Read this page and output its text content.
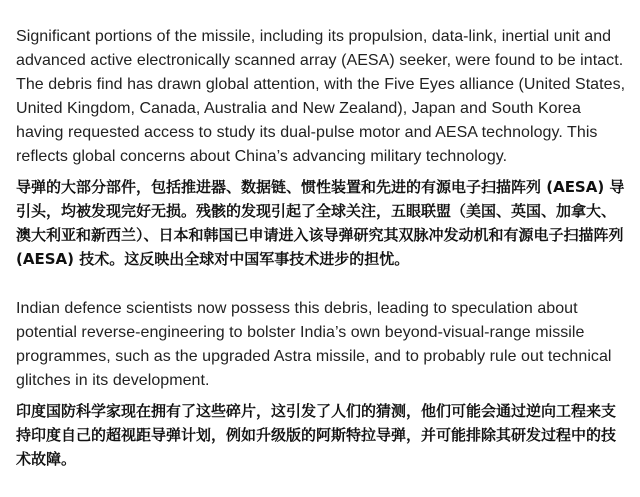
Significant portions of the missile, including its propulsion, data-link, inertial unit and advanced active electronically scanned array (AESA) seeker, were found to be intact. The debris find has drawn global attention, with the Five Eyes alliance (United States, United Kingdom, Canada, Australia and New Zealand), Japan and South Korea having requested access to study its dual-pulse motor and AESA technology. This reflects global concerns about China’s advancing military technology.

导弹的大部分部件，包括推进器、数据链、惯性装置和先进的有源电子扫描阵列 (AESA) 导引头，均被发现完好无损。残骸的发现引起了全球关注，五眼联盟（美国、英国、加拿大、澳大利亚和新西兰）、日本和韩国已申请进入该导弹研究其双脉冲发动机和有源电子扫描阵列 (AESA) 技术。这反映出全球对中国军事技术进步的担忧。

Indian defence scientists now possess this debris, leading to speculation about potential reverse-engineering to bolster India’s own beyond-visual-range missile programmes, such as the upgraded Astra missile, and to probably rule out technical glitches in its development.

印度国防科学家现在拥有了这些碎片，这引发了人们的猜测，他们可能会通过逆向工程来支持印度自己的超视距导弹计划，例如升级版的阿斯特拉导弹，并可能排除其研发过程中的技术故障。
